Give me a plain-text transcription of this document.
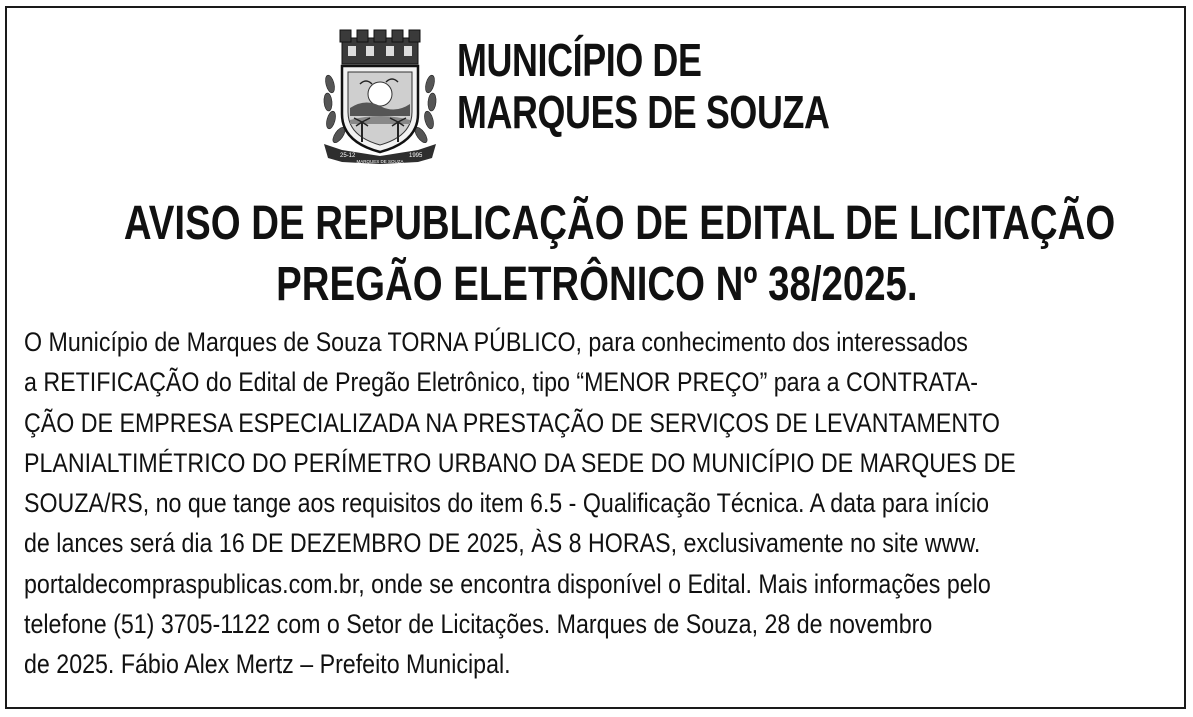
25-12	1995
MARQUES DE SOUZA
MUNICÍPIO DE
MARQUES DE SOUZA
AVISO DE REPUBLICAÇÃO DE EDITAL DE LICITAÇÃO
PREGÃO ELETRÔNICO Nº 38/2025.
O Município de Marques de Souza TORNA PÚBLICO, para conhecimento dos interessados
a RETIFICAÇÃO do Edital de Pregão Eletrônico, tipo “MENOR PREÇO” para a CONTRATA-
ÇÃO DE EMPRESA ESPECIALIZADA NA PRESTAÇÃO DE SERVIÇOS DE LEVANTAMENTO
PLANIALTIMÉTRICO DO PERÍMETRO URBANO DA SEDE DO MUNICÍPIO DE MARQUES DE
SOUZA/RS, no que tange aos requisitos do item 6.5 - Qualificação Técnica. A data para início
de lances será dia 16 DE DEZEMBRO DE 2025, ÀS 8 HORAS, exclusivamente no site www.
portaldecompraspublicas.com.br, onde se encontra disponível o Edital. Mais informações pelo
telefone (51) 3705-1122 com o Setor de Licitações. Marques de Souza, 28 de novembro
de 2025. Fábio Alex Mertz – Prefeito Municipal.
